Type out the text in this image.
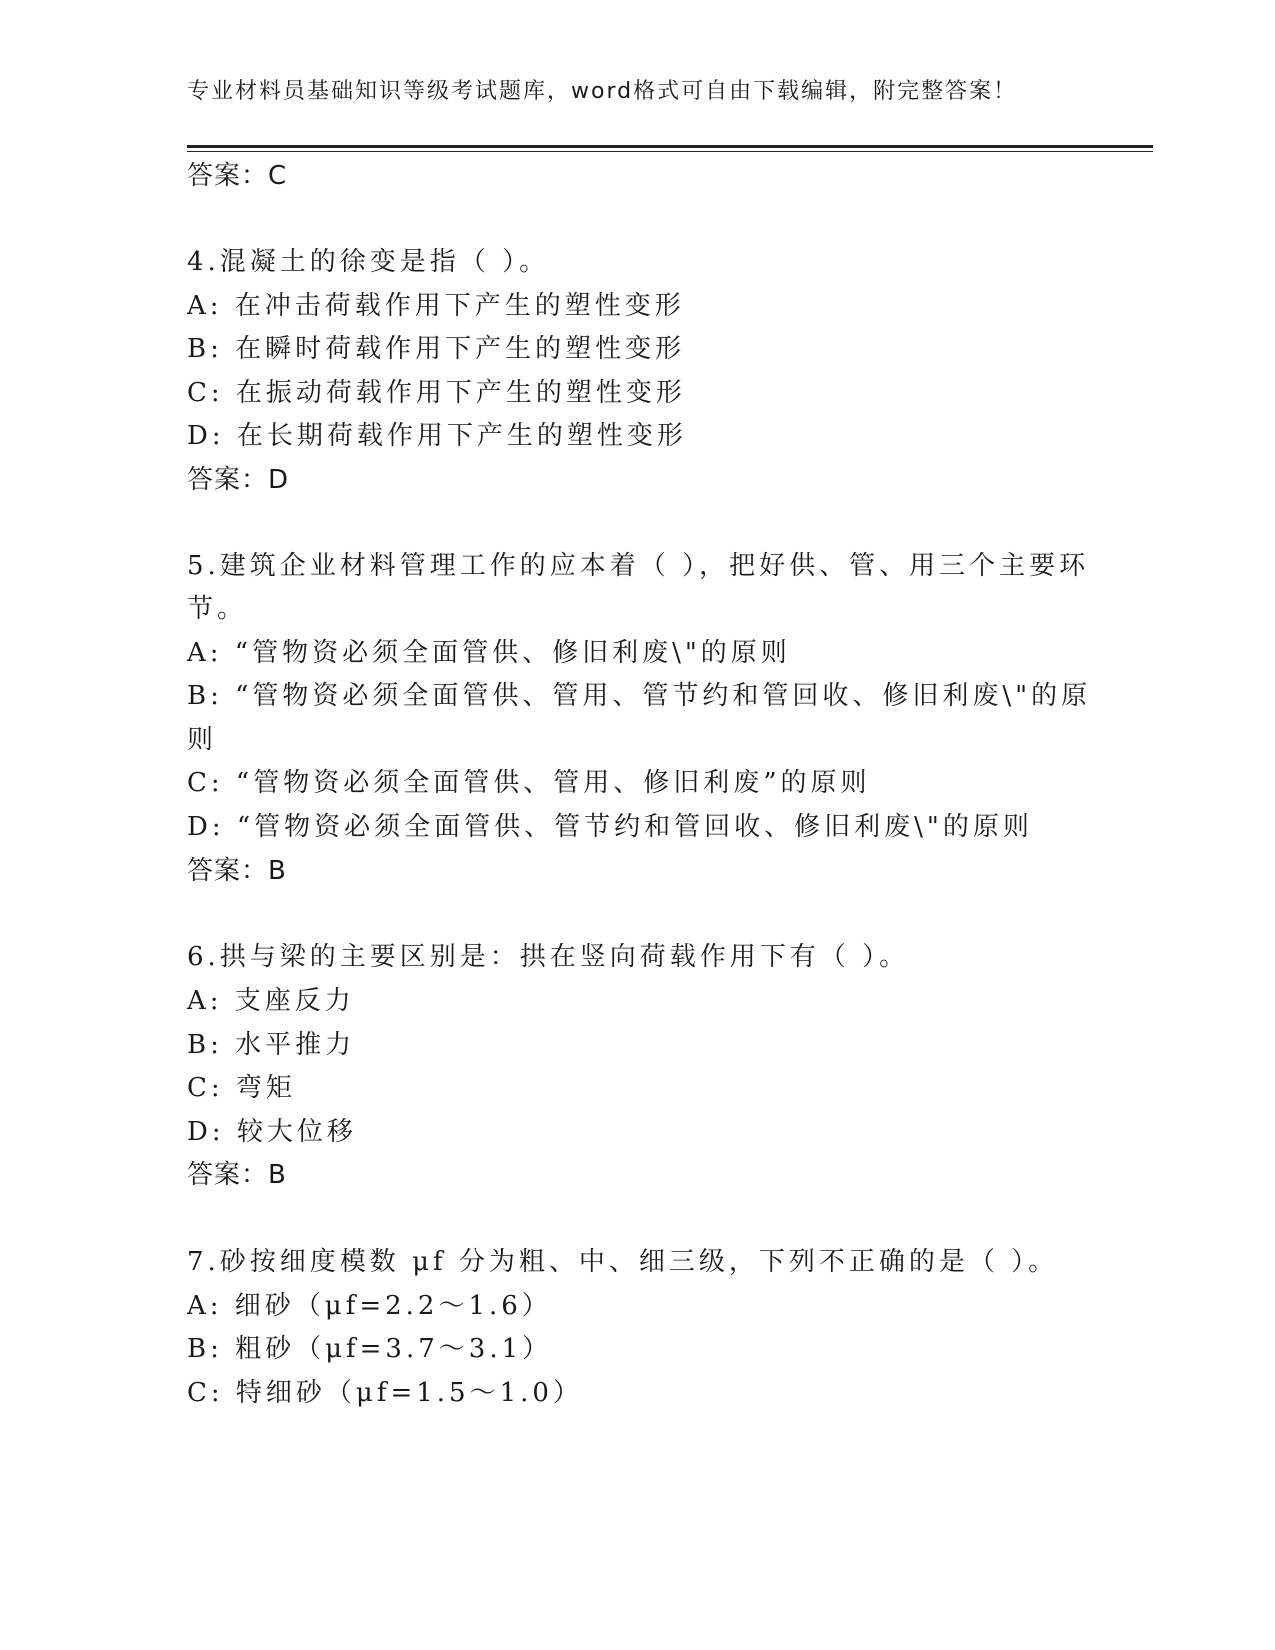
专业材料员基础知识等级考试题库，word格式可自由下载编辑，附完整答案！
答案：C
4.混凝土的徐变是指（ ）。
A: 在冲击荷载作用下产生的塑性变形
B: 在瞬时荷载作用下产生的塑性变形
C: 在振动荷载作用下产生的塑性变形
D: 在长期荷载作用下产生的塑性变形
答案：D
5.建筑企业材料管理工作的应本着（ ），把好供、管、用三个主要环
节。
A: “管物资必须全面管供、修旧利废\"的原则
B: “管物资必须全面管供、管用、管节约和管回收、修旧利废\"的原
则
C: “管物资必须全面管供、管用、修旧利废”的原则
D: “管物资必须全面管供、管节约和管回收、修旧利废\"的原则
答案：B
6.拱与梁的主要区别是：拱在竖向荷载作用下有（ ）。
A: 支座反力
B: 水平推力
C: 弯矩
D: 较大位移
答案：B
7.砂按细度模数 μf 分为粗、中、细三级，下列不正确的是（ ）。
A: 细砂（μf=2.2～1.6）
B: 粗砂（μf=3.7～3.1）
C: 特细砂（μf=1.5～1.0）
